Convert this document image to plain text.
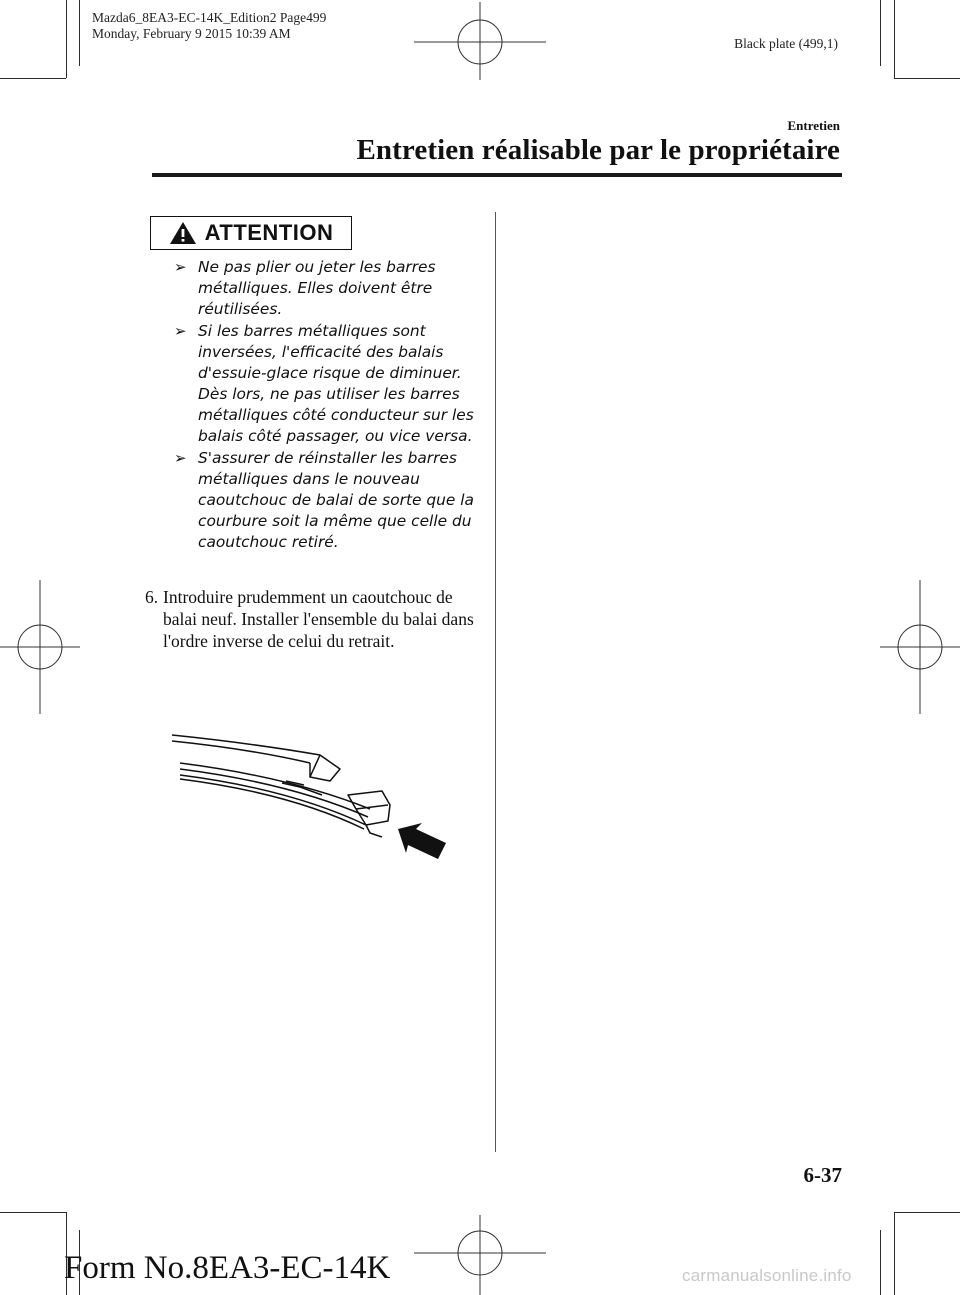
Mazda6_8EA3-EC-14K_Edition2 Page499
Monday, February 9 2015 10:39 AM
Black plate (499,1)
Entretien
Entretien réalisable par le propriétaire
ATTENTION
➢ Ne pas plier ou jeter les barres métalliques. Elles doivent être réutilisées.
➢ Si les barres métalliques sont inversées, l'efficacité des balais d'essuie-glace risque de diminuer. Dès lors, ne pas utiliser les barres métalliques côté conducteur sur les balais côté passager, ou vice versa.
➢ S'assurer de réinstaller les barres métalliques dans le nouveau caoutchouc de balai de sorte que la courbure soit la même que celle du caoutchouc retiré.
6. Introduire prudemment un caoutchouc de balai neuf. Installer l'ensemble du balai dans l'ordre inverse de celui du retrait.
6-37
Form No.8EA3-EC-14K	carmanualsonline.info
